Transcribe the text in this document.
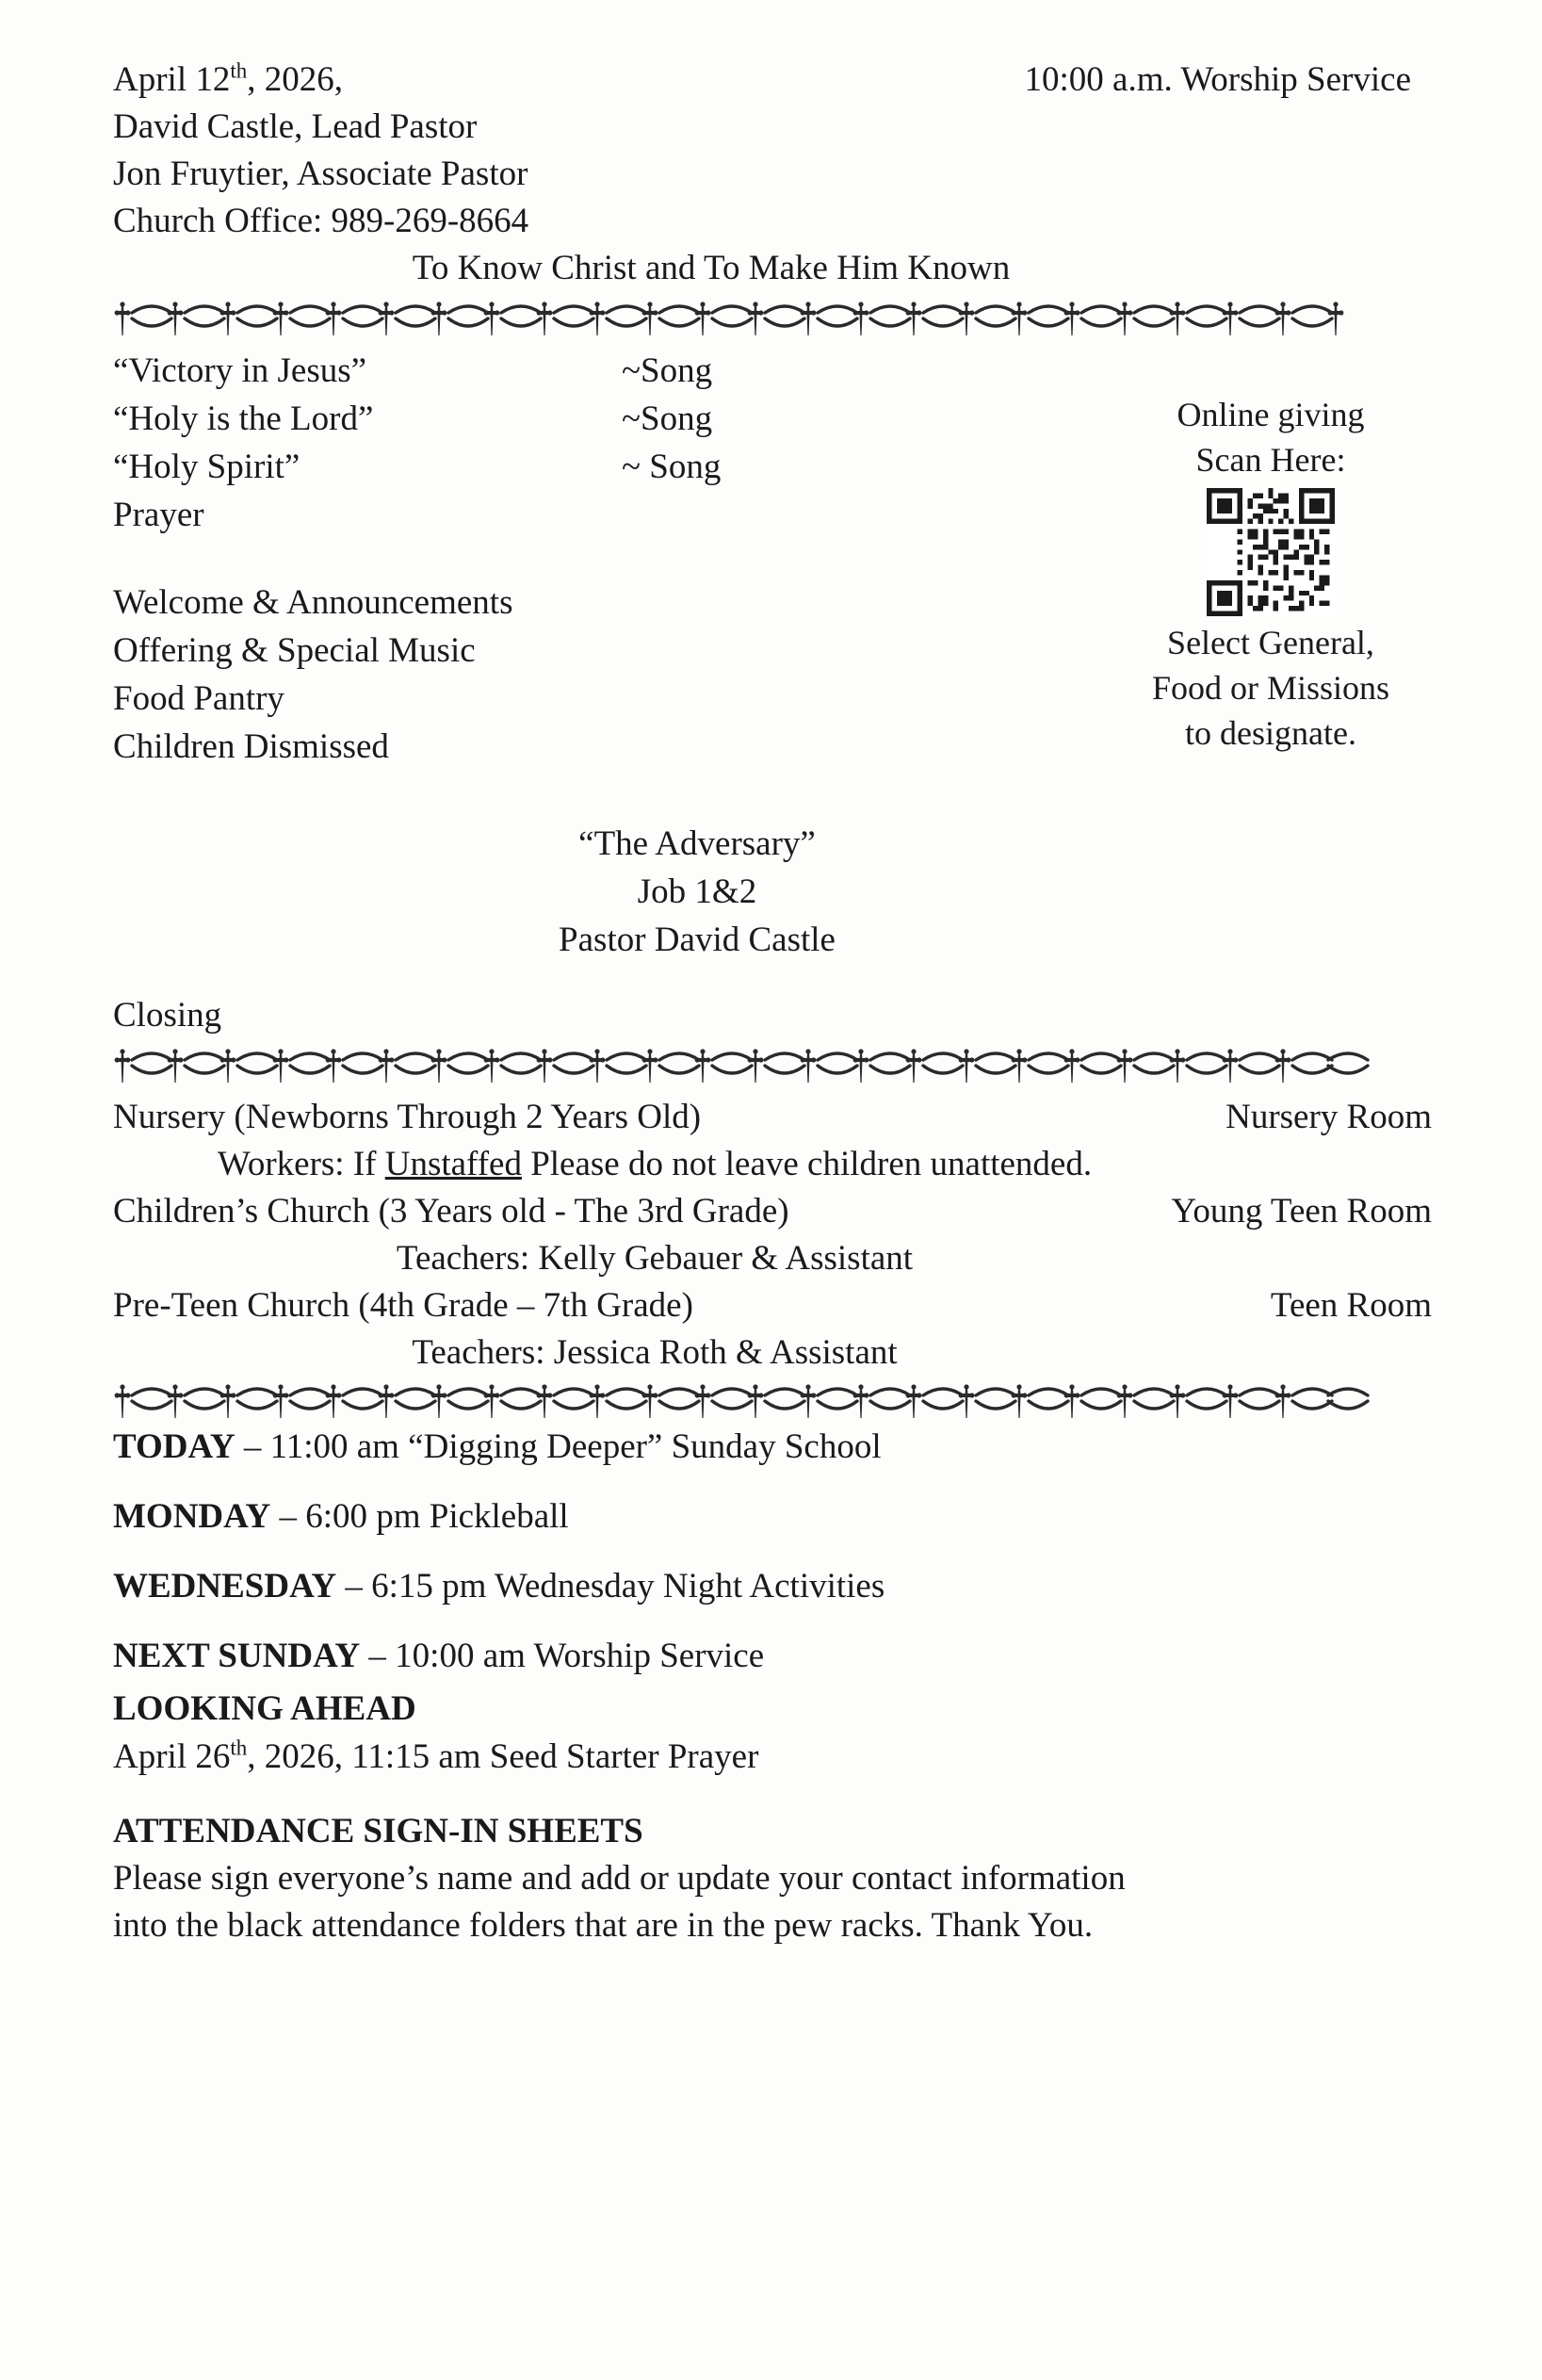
April 12th, 2026,
David Castle, Lead Pastor
Jon Fruytier, Associate Pastor
Church Office: 989-269-8664
10:00 a.m. Worship Service
To Know Christ and To Make Him Known
“Victory in Jesus”	~Song
“Holy is the Lord”	~Song
“Holy Spirit”	~ Song
Prayer
Online giving
Scan Here:
Select General,
Food or Missions
to designate.
Welcome & Announcements
Offering & Special Music
Food Pantry
Children Dismissed
“The Adversary”
Job 1&2
Pastor David Castle
Closing
Nursery (Newborns Through 2 Years Old)	Nursery Room
Workers: If Unstaffed Please do not leave children unattended.
Children’s Church (3 Years old - The 3rd Grade)	Young Teen Room
Teachers: Kelly Gebauer & Assistant
Pre-Teen Church (4th Grade – 7th Grade)	Teen Room
Teachers: Jessica Roth & Assistant
TODAY – 11:00 am “Digging Deeper” Sunday School
MONDAY – 6:00 pm Pickleball
WEDNESDAY – 6:15 pm Wednesday Night Activities
NEXT SUNDAY – 10:00 am Worship Service
LOOKING AHEAD
April 26th, 2026, 11:15 am Seed Starter Prayer
ATTENDANCE SIGN-IN SHEETS
Please sign everyone’s name and add or update your contact information
into the black attendance folders that are in the pew racks. Thank You.
